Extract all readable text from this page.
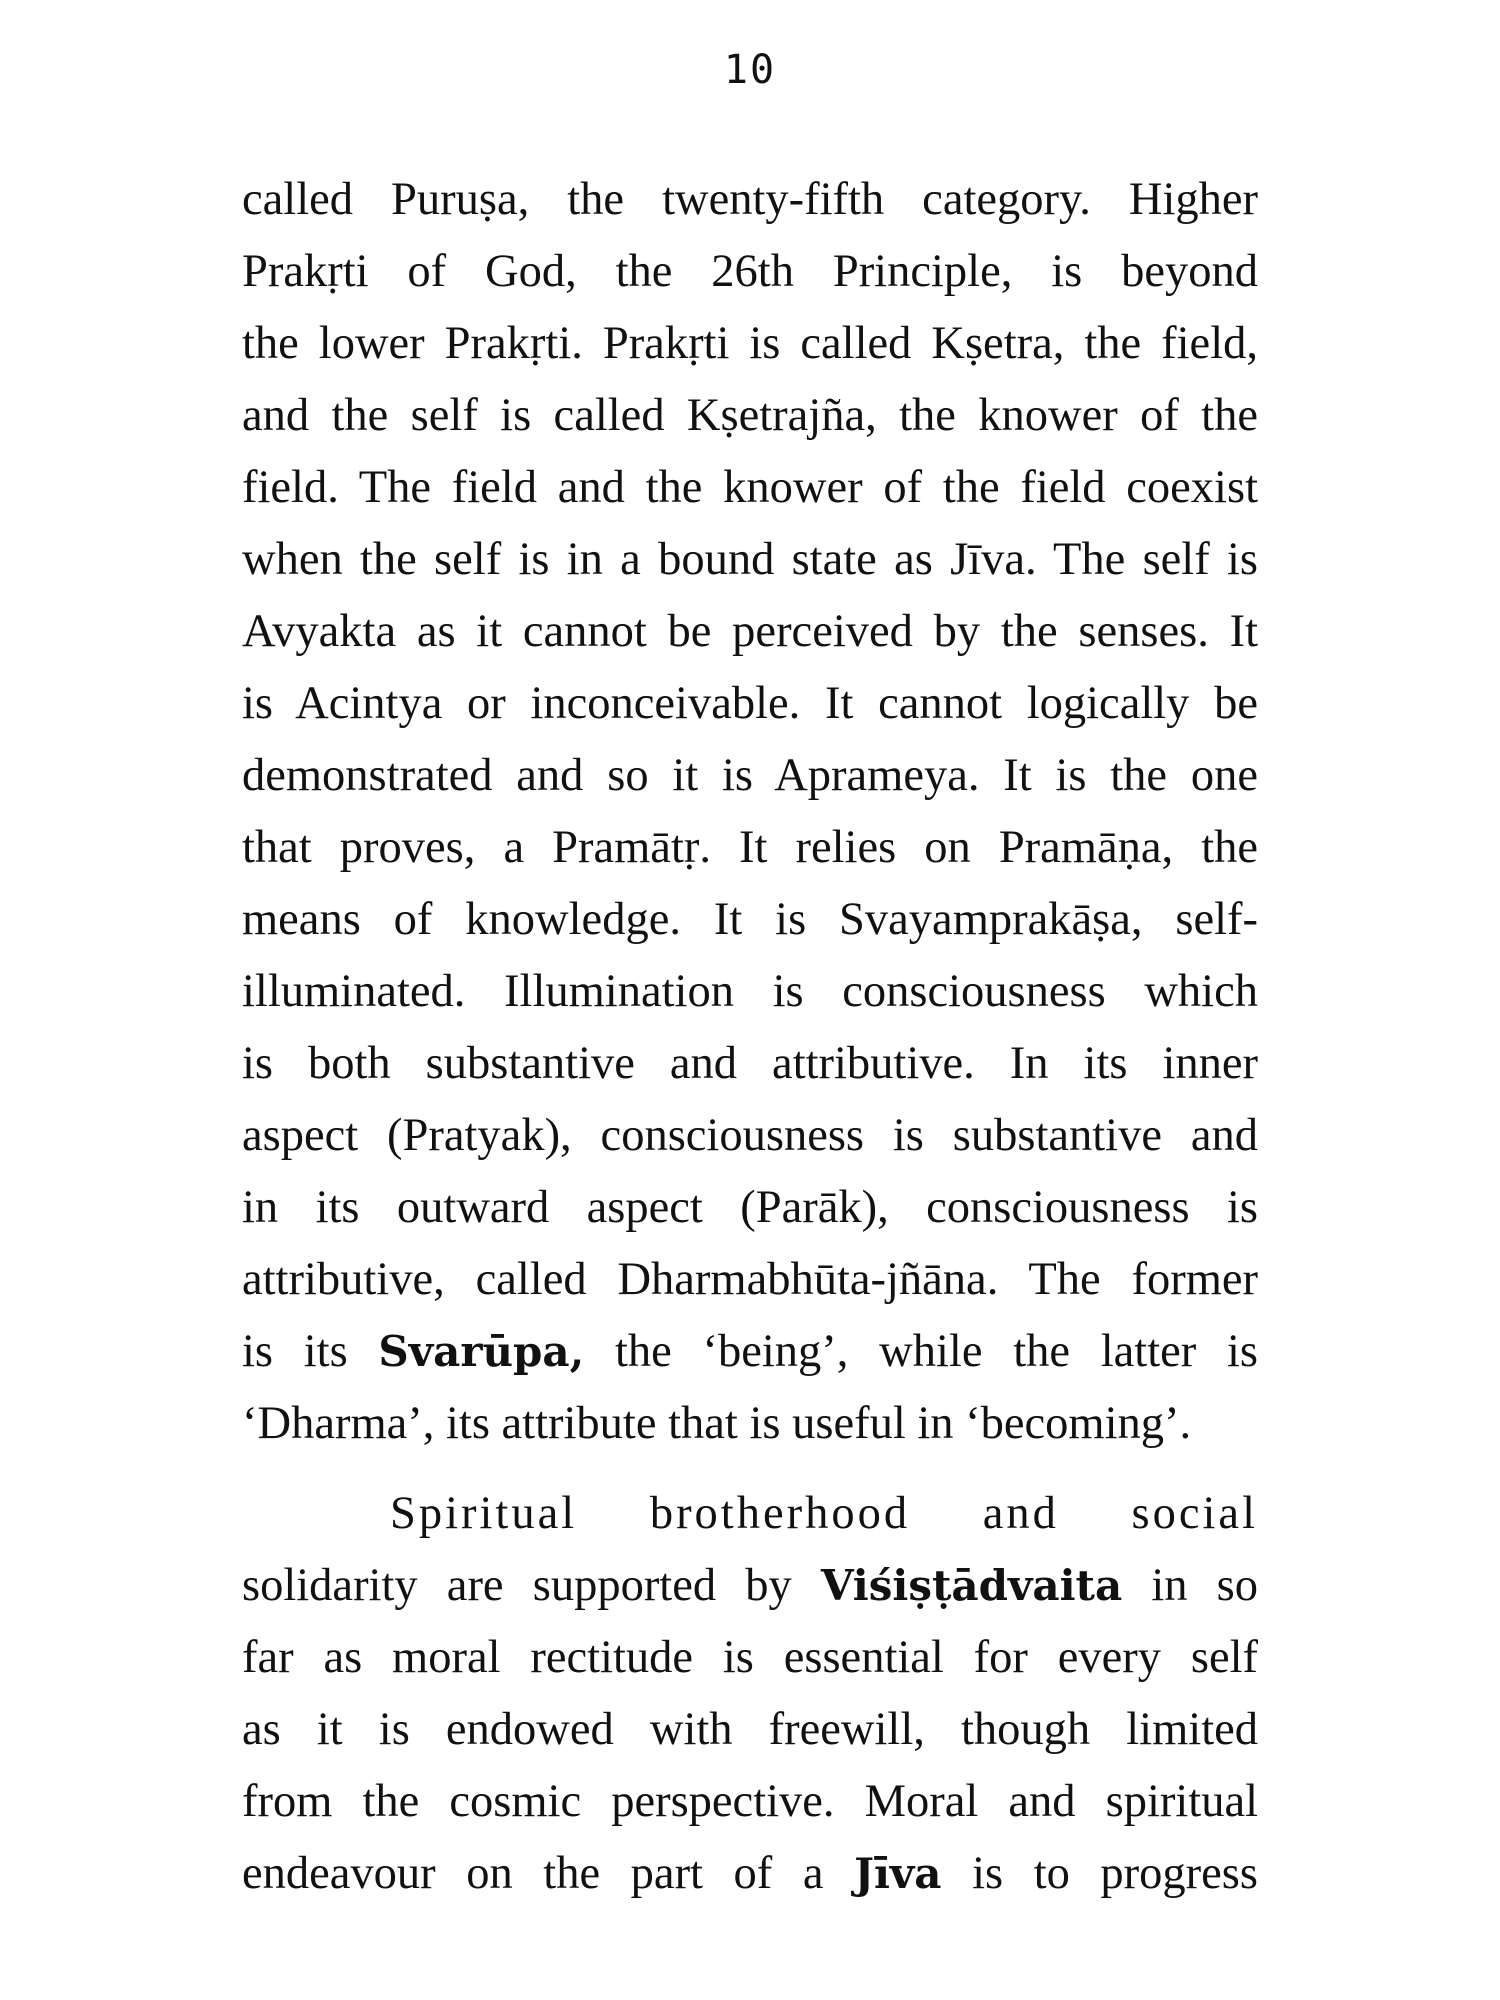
10
called Puruṣa, the twenty-fifth category. Higher
Prakṛti of God, the 26th Principle, is beyond
the lower Prakṛti. Prakṛti is called Kṣetra, the field,
and the self is called Kṣetrajña, the knower of the
field. The field and the knower of the field coexist
when the self is in a bound state as Jīva. The self is
Avyakta as it cannot be perceived by the senses. It
is Acintya or inconceivable. It cannot logically be
demonstrated and so it is Aprameya. It is the one
that proves, a Pramātṛ. It relies on Pramāṇa, the
means of knowledge. It is Svayamprakāṣa, self-
illuminated. Illumination is consciousness which
is both substantive and attributive. In its inner
aspect (Pratyak), consciousness is substantive and
in its outward aspect (Parāk), consciousness is
attributive, called Dharmabhūta-jñāna. The former
is its Svarūpa, the ‘being’, while the latter is
‘Dharma’, its attribute that is useful in ‘becoming’.
Spiritual brotherhood and social
solidarity are supported by Viśiṣṭādvaita in so
far as moral rectitude is essential for every self
as it is endowed with freewill, though limited
from the cosmic perspective. Moral and spiritual
endeavour on the part of a Jīva is to progress
